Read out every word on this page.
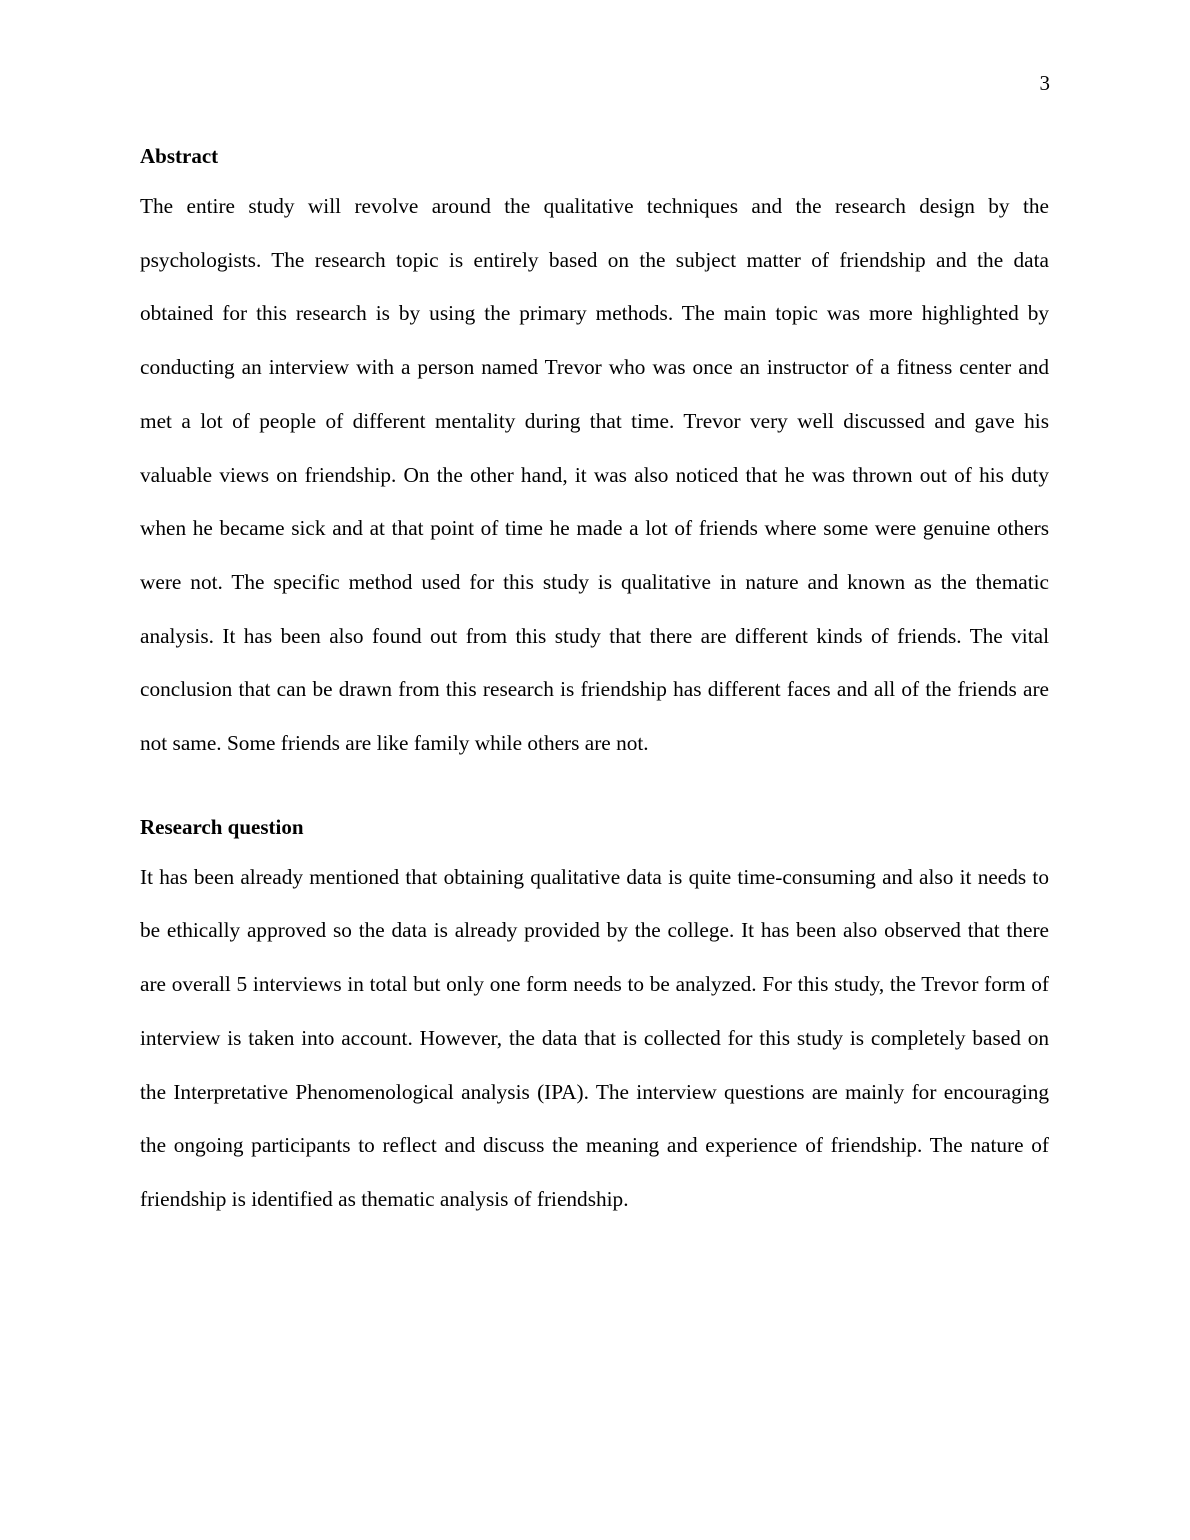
3
Abstract

The entire study will revolve around the qualitative techniques and the research design by the psychologists. The research topic is entirely based on the subject matter of friendship and the data obtained for this research is by using the primary methods. The main topic was more highlighted by conducting an interview with a person named Trevor who was once an instructor of a fitness center and met a lot of people of different mentality during that time. Trevor very well discussed and gave his valuable views on friendship. On the other hand, it was also noticed that he was thrown out of his duty when he became sick and at that point of time he made a lot of friends where some were genuine others were not. The specific method used for this study is qualitative in nature and known as the thematic analysis. It has been also found out from this study that there are different kinds of friends. The vital conclusion that can be drawn from this research is friendship has different faces and all of the friends are not same. Some friends are like family while others are not.

Research question

It has been already mentioned that obtaining qualitative data is quite time-consuming and also it needs to be ethically approved so the data is already provided by the college. It has been also observed that there are overall 5 interviews in total but only one form needs to be analyzed. For this study, the Trevor form of interview is taken into account. However, the data that is collected for this study is completely based on the Interpretative Phenomenological analysis (IPA). The interview questions are mainly for encouraging the ongoing participants to reflect and discuss the meaning and experience of friendship. The nature of friendship is identified as thematic analysis of friendship.
